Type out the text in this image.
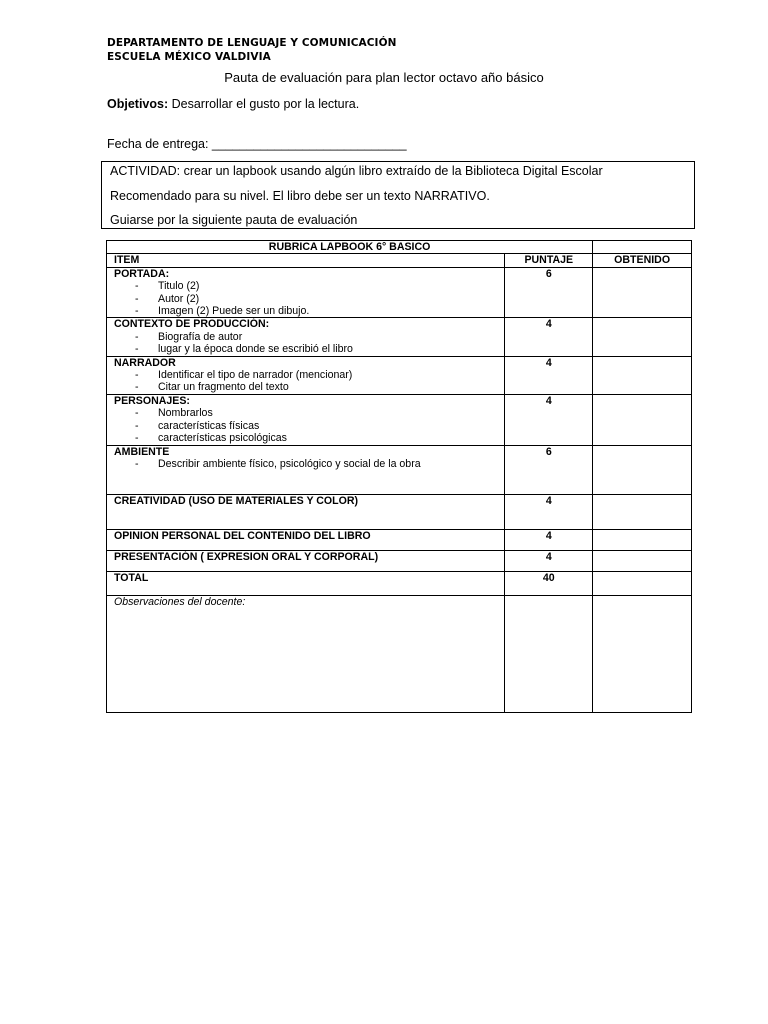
DEPARTAMENTO DE LENGUAJE Y COMUNICACIÓN
ESCUELA MÉXICO VALDIVIA
Pauta de evaluación para plan lector octavo año básico
Objetivos: Desarrollar el gusto por la lectura.
Fecha de entrega: ____________________________
ACTIVIDAD: crear un lapbook usando algún libro extraído de la Biblioteca Digital Escolar
Recomendado para su nivel. El libro debe ser un texto NARRATIVO.
Guiarse por la siguiente pauta de evaluación
RUBRICA LAPBOOK 6° BASICO		
ITEM	PUNTAJE	OBTENIDO

PORTADA:
- Titulo (2)
- Autor (2)
- Imagen (2) Puede ser un dibujo.	6	

CONTEXTO DE PRODUCCIÓN:
- Biografía de autor
- lugar y la época donde se escribió el libro	4	

NARRADOR
- Identificar el tipo de narrador (mencionar)
- Citar un fragmento del texto	4	

PERSONAJES:
- Nombrarlos
- características físicas
- características psicológicas	4	

AMBIENTE
- Describir ambiente físico, psicológico y social de la obra	6	

CREATIVIDAD (USO DE MATERIALES Y COLOR)	4	

OPINION PERSONAL DEL CONTENIDO DEL LIBRO	4	

PRESENTACIÓN ( EXPRESION ORAL Y CORPORAL)	4	
TOTAL	40	
Observaciones del docente:		
